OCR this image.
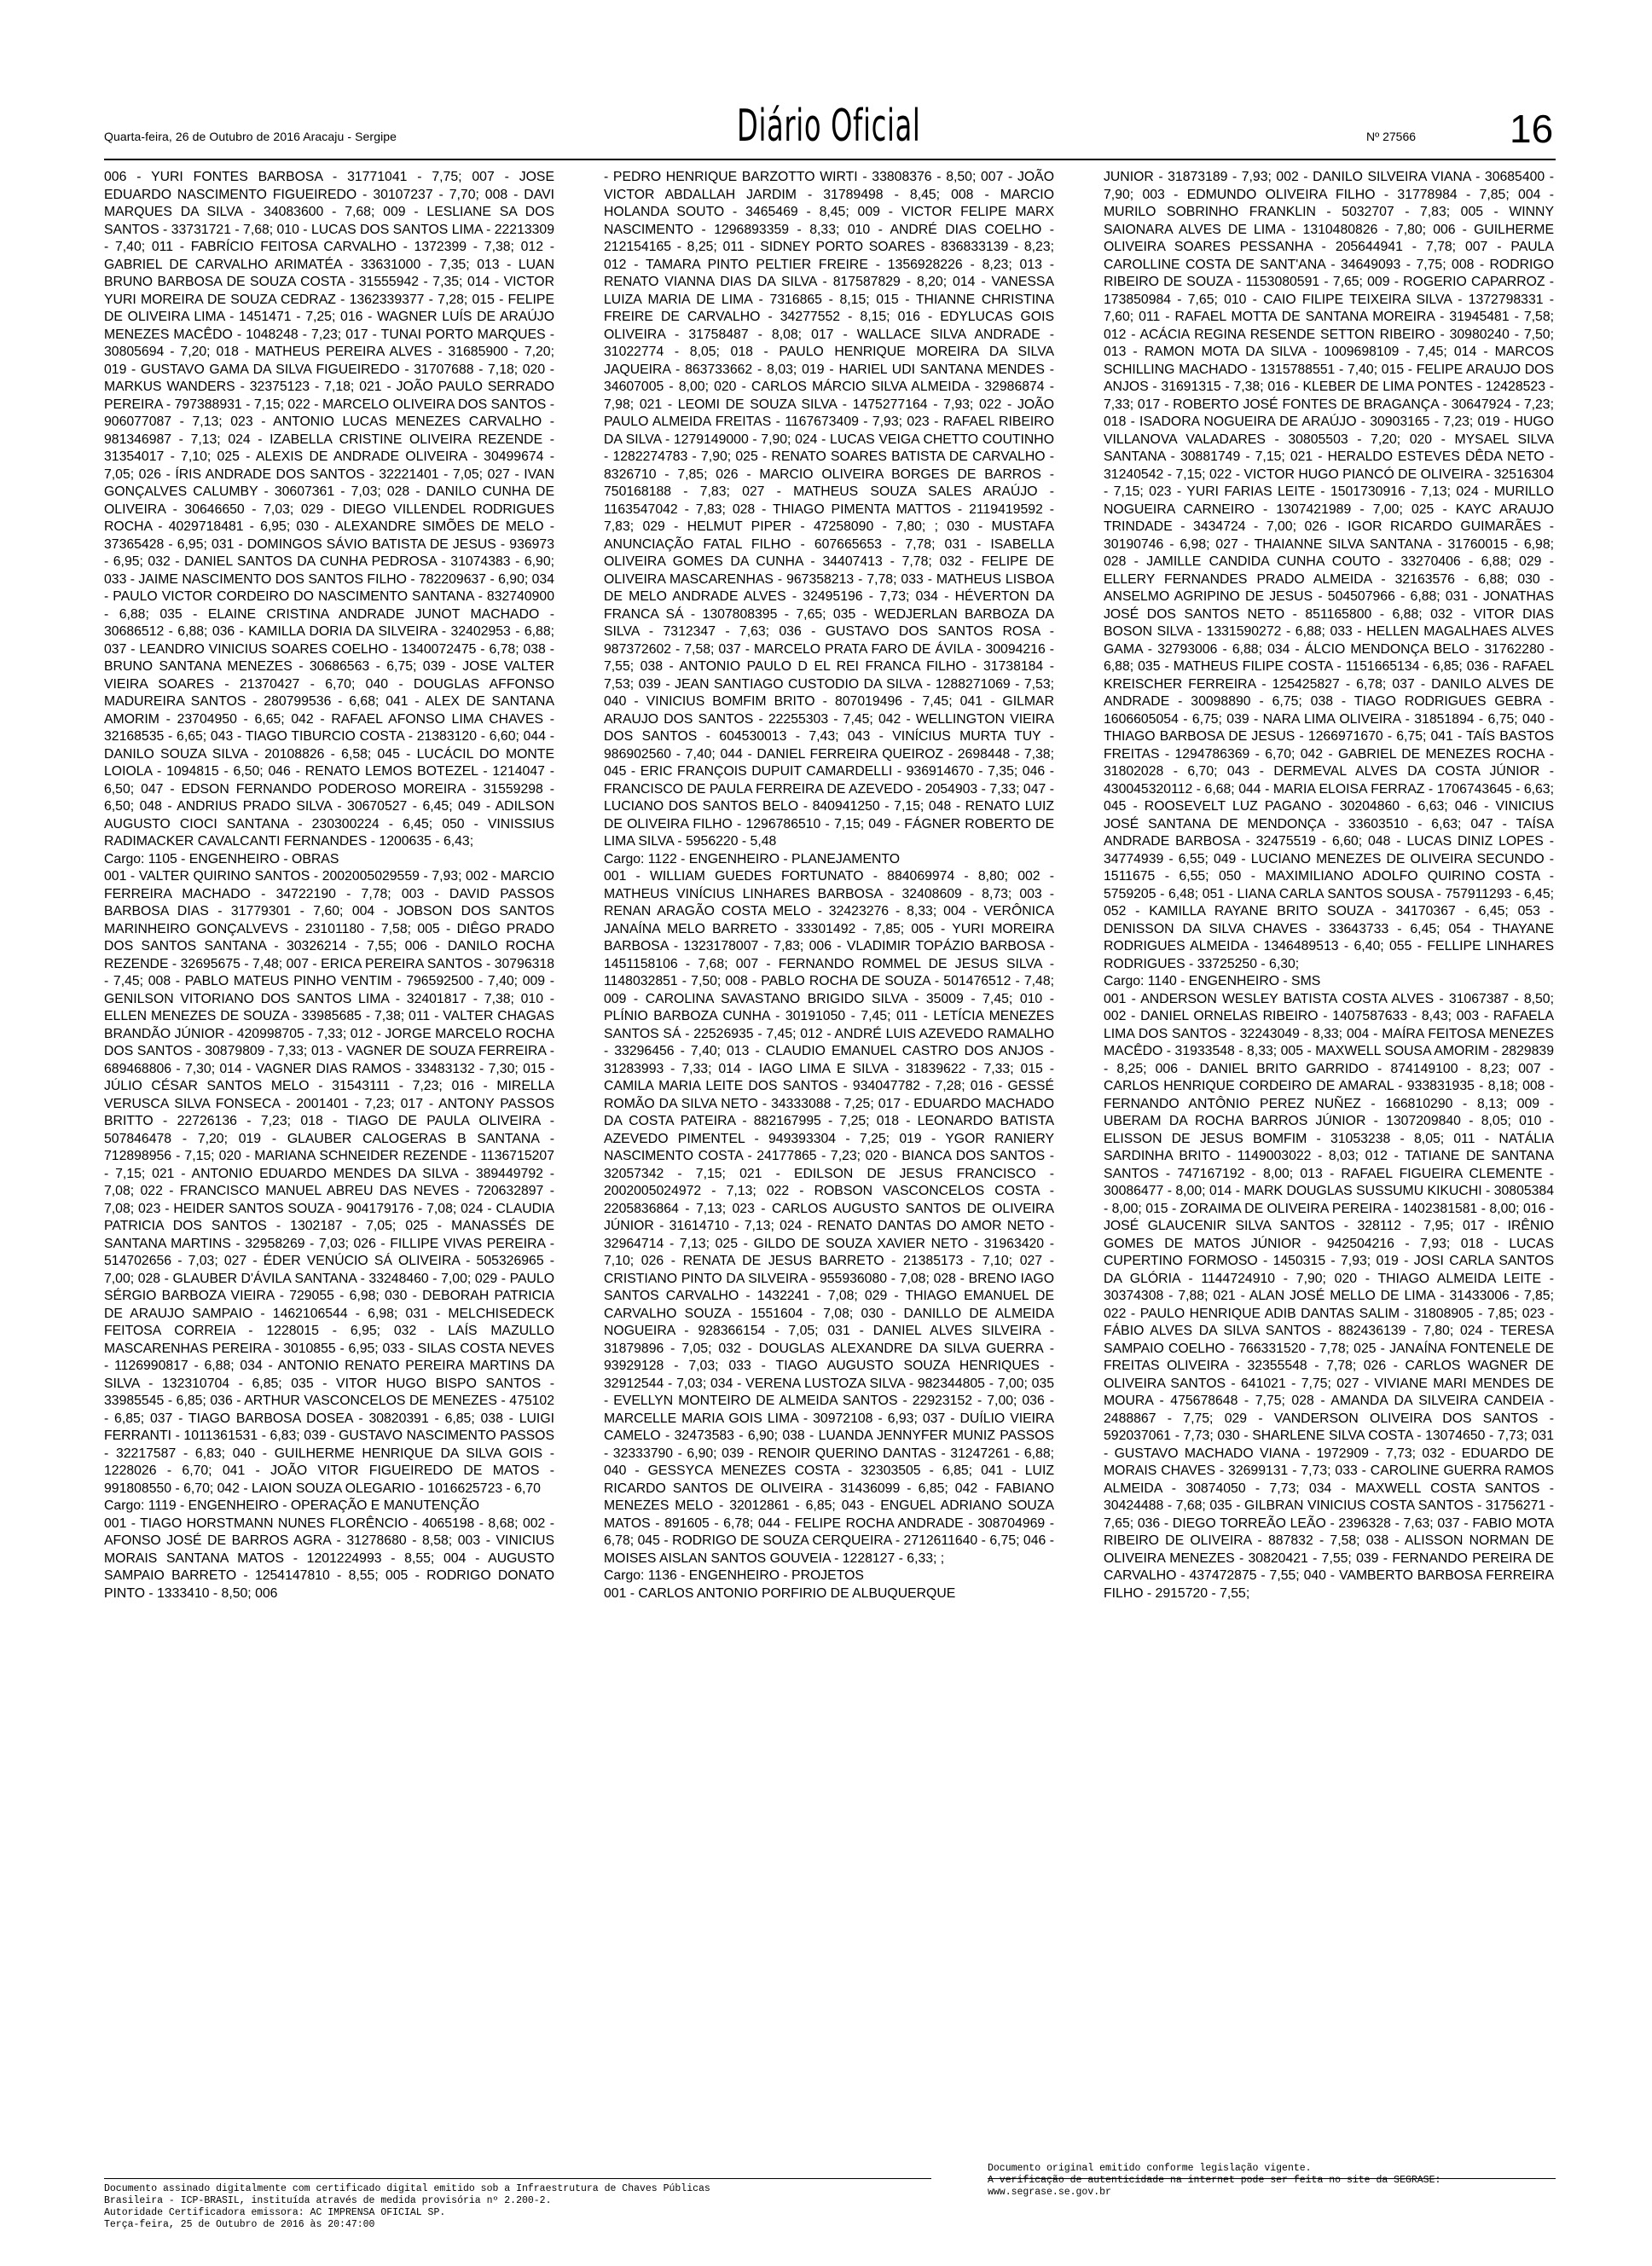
Quarta-feira, 26 de Outubro de 2016 Aracaju - Sergipe	Diário Oficial	Nº 27566 16

006 - YURI FONTES BARBOSA - 31771041 - 7,75; 007 - JOSE EDUARDO NASCIMENTO FIGUEIREDO - 30107237 - 7,70; 008 - DAVI MARQUES DA SILVA - 34083600 - 7,68; 009 - LESLIANE SA DOS SANTOS - 33731721 - 7,68; 010 - LUCAS DOS SANTOS LIMA - 22213309 - 7,40; 011 - FABRÍCIO FEITOSA CARVALHO - 1372399 - 7,38; 012 - GABRIEL DE CARVALHO ARIMATÉA - 33631000 - 7,35; 013 - LUAN BRUNO BARBOSA DE SOUZA COSTA - 31555942 - 7,35; 014 - VICTOR YURI MOREIRA DE SOUZA CEDRAZ - 1362339377 - 7,28; 015 - FELIPE DE OLIVEIRA LIMA - 1451471 - 7,25; 016 - WAGNER LUÍS DE ARAÚJO MENEZES MACÊDO - 1048248 - 7,23; 017 - TUNAI PORTO MARQUES - 30805694 - 7,20; 018 - MATHEUS PEREIRA ALVES - 31685900 - 7,20; 019 - GUSTAVO GAMA DA SILVA FIGUEIREDO - 31707688 - 7,18; 020 - MARKUS WANDERS - 32375123 - 7,18; 021 - JOÃO PAULO SERRADO PEREIRA - 797388931 - 7,15; 022 - MARCELO OLIVEIRA DOS SANTOS - 906077087 - 7,13; 023 - ANTONIO LUCAS MENEZES CARVALHO - 981346987 - 7,13; 024 - IZABELLA CRISTINE OLIVEIRA REZENDE - 31354017 - 7,10; 025 - ALEXIS DE ANDRADE OLIVEIRA - 30499674 - 7,05; 026 - ÍRIS ANDRADE DOS SANTOS - 32221401 - 7,05; 027 - IVAN GONÇALVES CALUMBY - 30607361 - 7,03; 028 - DANILO CUNHA DE OLIVEIRA - 30646650 - 7,03; 029 - DIEGO VILLENDEL RODRIGUES ROCHA - 4029718481 - 6,95; 030 - ALEXANDRE SIMÕES DE MELO - 37365428 - 6,95; 031 - DOMINGOS SÁVIO BATISTA DE JESUS - 936973 - 6,95; 032 - DANIEL SANTOS DA CUNHA PEDROSA - 31074383 - 6,90; 033 - JAIME NASCIMENTO DOS SANTOS FILHO - 782209637 - 6,90; 034 - PAULO VICTOR CORDEIRO DO NASCIMENTO SANTANA - 832740900 - 6,88; 035 - ELAINE CRISTINA ANDRADE JUNOT MACHADO - 30686512 - 6,88; 036 - KAMILLA DORIA DA SILVEIRA - 32402953 - 6,88; 037 - LEANDRO VINICIUS SOARES COELHO - 1340072475 - 6,78; 038 - BRUNO SANTANA MENEZES - 30686563 - 6,75; 039 - JOSE VALTER VIEIRA SOARES - 21370427 - 6,70; 040 - DOUGLAS AFFONSO MADUREIRA SANTOS - 280799536 - 6,68; 041 - ALEX DE SANTANA AMORIM - 23704950 - 6,65; 042 - RAFAEL AFONSO LIMA CHAVES - 32168535 - 6,65; 043 - TIAGO TIBURCIO COSTA - 21383120 - 6,60; 044 - DANILO SOUZA SILVA - 20108826 - 6,58; 045 - LUCÁCIL DO MONTE LOIOLA - 1094815 - 6,50; 046 - RENATO LEMOS BOTEZEL - 1214047 - 6,50; 047 - EDSON FERNANDO PODEROSO MOREIRA - 31559298 - 6,50; 048 - ANDRIUS PRADO SILVA - 30670527 - 6,45; 049 - ADILSON AUGUSTO CIOCI SANTANA - 230300224 - 6,45; 050 - VINISSIUS RADIMACKER CAVALCANTI FERNANDES - 1200635 - 6,43;

Cargo: 1105 - ENGENHEIRO - OBRAS

001 - VALTER QUIRINO SANTOS - 2002005029559 - 7,93; 002 - MARCIO FERREIRA MACHADO - 34722190 - 7,78; 003 - DAVID PASSOS BARBOSA DIAS - 31779301 - 7,60; 004 - JOBSON DOS SANTOS MARINHEIRO GONÇALVEVS - 23101180 - 7,58; 005 - DIÊGO PRADO DOS SANTOS SANTANA - 30326214 - 7,55; 006 - DANILO ROCHA REZENDE - 32695675 - 7,48; 007 - ERICA PEREIRA SANTOS - 30796318 - 7,45; 008 - PABLO MATEUS PINHO VENTIM - 796592500 - 7,40; 009 - GENILSON VITORIANO DOS SANTOS LIMA - 32401817 - 7,38; 010 - ELLEN MENEZES DE SOUZA - 33985685 - 7,38; 011 - VALTER CHAGAS BRANDÃO JÚNIOR - 420998705 - 7,33; 012 - JORGE MARCELO ROCHA DOS SANTOS - 30879809 - 7,33; 013 - VAGNER DE SOUZA FERREIRA - 689468806 - 7,30; 014 - VAGNER DIAS RAMOS - 33483132 - 7,30; 015 - JÚLIO CÉSAR SANTOS MELO - 31543111 - 7,23; 016 - MIRELLA VERUSCA SILVA FONSECA - 2001401 - 7,23; 017 - ANTONY PASSOS BRITTO - 22726136 - 7,23; 018 - TIAGO DE PAULA OLIVEIRA - 507846478 - 7,20; 019 - GLAUBER CALOGERAS B SANTANA - 712898956 - 7,15; 020 - MARIANA SCHNEIDER REZENDE - 1136715207 - 7,15; 021 - ANTONIO EDUARDO MENDES DA SILVA - 389449792 - 7,08; 022 - FRANCISCO MANUEL ABREU DAS NEVES - 720632897 - 7,08; 023 - HEIDER SANTOS SOUZA - 904179176 - 7,08; 024 - CLAUDIA PATRICIA DOS SANTOS - 1302187 - 7,05; 025 - MANASSÉS DE SANTANA MARTINS - 32958269 - 7,03; 026 - FILLIPE VIVAS PEREIRA - 514702656 - 7,03; 027 - ÉDER VENÚCIO SÁ OLIVEIRA - 505326965 - 7,00; 028 - GLAUBER D'ÁVILA SANTANA - 33248460 - 7,00; 029 - PAULO SÉRGIO BARBOZA VIEIRA - 729055 - 6,98; 030 - DEBORAH PATRICIA DE ARAUJO SAMPAIO - 1462106544 - 6,98; 031 - MELCHISEDECK FEITOSA CORREIA - 1228015 - 6,95; 032 - LAÍS MAZULLO MASCARENHAS PEREIRA - 3010855 - 6,95; 033 - SILAS COSTA NEVES - 1126990817 - 6,88; 034 - ANTONIO RENATO PEREIRA MARTINS DA SILVA - 132310704 - 6,85; 035 - VITOR HUGO BISPO SANTOS - 33985545 - 6,85; 036 - ARTHUR VASCONCELOS DE MENEZES - 475102 - 6,85; 037 - TIAGO BARBOSA DOSEA - 30820391 - 6,85; 038 - LUIGI FERRANTI - 1011361531 - 6,83; 039 - GUSTAVO NASCIMENTO PASSOS - 32217587 - 6,83; 040 - GUILHERME HENRIQUE DA SILVA GOIS - 1228026 - 6,70; 041 - JOÃO VITOR FIGUEIREDO DE MATOS - 991808550 - 6,70; 042 - LAION SOUZA OLEGARIO - 1016625723 - 6,70

Cargo: 1119 - ENGENHEIRO - OPERAÇÃO E MANUTENÇÃO

001 - TIAGO HORSTMANN NUNES FLORÊNCIO - 4065198 - 8,68; 002 - AFONSO JOSÉ DE BARROS AGRA - 31278680 - 8,58; 003 - VINICIUS MORAIS SANTANA MATOS - 1201224993 - 8,55; 004 - AUGUSTO SAMPAIO BARRETO - 1254147810 - 8,55; 005 - RODRIGO DONATO PINTO - 1333410 - 8,50; 006

- PEDRO HENRIQUE BARZOTTO WIRTI - 33808376 - 8,50; 007 - JOÃO VICTOR ABDALLAH JARDIM - 31789498 - 8,45; 008 - MARCIO HOLANDA SOUTO - 3465469 - 8,45; 009 - VICTOR FELIPE MARX NASCIMENTO - 1296893359 - 8,33; 010 - ANDRÉ DIAS COELHO - 212154165 - 8,25; 011 - SIDNEY PORTO SOARES - 836833139 - 8,23; 012 - TAMARA PINTO PELTIER FREIRE - 1356928226 - 8,23; 013 - RENATO VIANNA DIAS DA SILVA - 817587829 - 8,20; 014 - VANESSA LUIZA MARIA DE LIMA - 7316865 - 8,15; 015 - THIANNE CHRISTINA FREIRE DE CARVALHO - 34277552 - 8,15; 016 - EDYLUCAS GOIS OLIVEIRA - 31758487 - 8,08; 017 - WALLACE SILVA ANDRADE - 31022774 - 8,05; 018 - PAULO HENRIQUE MOREIRA DA SILVA JAQUEIRA - 863733662 - 8,03; 019 - HARIEL UDI SANTANA MENDES - 34607005 - 8,00; 020 - CARLOS MÁRCIO SILVA ALMEIDA - 32986874 - 7,98; 021 - LEOMI DE SOUZA SILVA - 1475277164 - 7,93; 022 - JOÃO PAULO ALMEIDA FREITAS - 1167673409 - 7,93; 023 - RAFAEL RIBEIRO DA SILVA - 1279149000 - 7,90; 024 - LUCAS VEIGA CHETTO COUTINHO - 1282274783 - 7,90; 025 - RENATO SOARES BATISTA DE CARVALHO - 8326710 - 7,85; 026 - MARCIO OLIVEIRA BORGES DE BARROS - 750168188 - 7,83; 027 - MATHEUS SOUZA SALES ARAÚJO - 1163547042 - 7,83; 028 - THIAGO PIMENTA MATTOS - 2119419592 - 7,83; 029 - HELMUT PIPER - 47258090 - 7,80; ; 030 - MUSTAFA ANUNCIAÇÃO FATAL FILHO - 607665653 - 7,78; 031 - ISABELLA OLIVEIRA GOMES DA CUNHA - 34407413 - 7,78; 032 - FELIPE DE OLIVEIRA MASCARENHAS - 967358213 - 7,78; 033 - MATHEUS LISBOA DE MELO ANDRADE ALVES - 32495196 - 7,73; 034 - HÉVERTON DA FRANCA SÁ - 1307808395 - 7,65; 035 - WEDJERLAN BARBOZA DA SILVA - 7312347 - 7,63; 036 - GUSTAVO DOS SANTOS ROSA - 987372602 - 7,58; 037 - MARCELO PRATA FARO DE ÁVILA - 30094216 - 7,55; 038 - ANTONIO PAULO D EL REI FRANCA FILHO - 31738184 - 7,53; 039 - JEAN SANTIAGO CUSTODIO DA SILVA - 1288271069 - 7,53; 040 - VINICIUS BOMFIM BRITO - 807019496 - 7,45; 041 - GILMAR ARAUJO DOS SANTOS - 22255303 - 7,45; 042 - WELLINGTON VIEIRA DOS SANTOS - 604530013 - 7,43; 043 - VINÍCIUS MURTA TUY - 986902560 - 7,40; 044 - DANIEL FERREIRA QUEIROZ - 2698448 - 7,38; 045 - ERIC FRANÇOIS DUPUIT CAMARDELLI - 936914670 - 7,35; 046 - FRANCISCO DE PAULA FERREIRA DE AZEVEDO - 2054903 - 7,33; 047 - LUCIANO DOS SANTOS BELO - 840941250 - 7,15; 048 - RENATO LUIZ DE OLIVEIRA FILHO - 1296786510 - 7,15; 049 - FÁGNER ROBERTO DE LIMA SILVA - 5956220 - 5,48

Cargo: 1122 - ENGENHEIRO - PLANEJAMENTO

001 - WILLIAM GUEDES FORTUNATO - 884069974 - 8,80; 002 - MATHEUS VINÍCIUS LINHARES BARBOSA - 32408609 - 8,73; 003 - RENAN ARAGÃO COSTA MELO - 32423276 - 8,33; 004 - VERÔNICA JANAÍNA MELO BARRETO - 33301492 - 7,85; 005 - YURI MOREIRA BARBOSA - 1323178007 - 7,83; 006 - VLADIMIR TOPÁZIO BARBOSA - 1451158106 - 7,68; 007 - FERNANDO ROMMEL DE JESUS SILVA - 1148032851 - 7,50; 008 - PABLO ROCHA DE SOUZA - 501476512 - 7,48; 009 - CAROLINA SAVASTANO BRIGIDO SILVA - 35009 - 7,45; 010 - PLÍNIO BARBOZA CUNHA - 30191050 - 7,45; 011 - LETÍCIA MENEZES SANTOS SÁ - 22526935 - 7,45; 012 - ANDRÉ LUIS AZEVEDO RAMALHO - 33296456 - 7,40; 013 - CLAUDIO EMANUEL CASTRO DOS ANJOS - 31283993 - 7,33; 014 - IAGO LIMA E SILVA - 31839622 - 7,33; 015 - CAMILA MARIA LEITE DOS SANTOS - 934047782 - 7,28; 016 - GESSÉ ROMÃO DA SILVA NETO - 34333088 - 7,25; 017 - EDUARDO MACHADO DA COSTA PATEIRA - 882167995 - 7,25; 018 - LEONARDO BATISTA AZEVEDO PIMENTEL - 949393304 - 7,25; 019 - YGOR RANIERY NASCIMENTO COSTA - 24177865 - 7,23; 020 - BIANCA DOS SANTOS - 32057342 - 7,15; 021 - EDILSON DE JESUS FRANCISCO - 2002005024972 - 7,13; 022 - ROBSON VASCONCELOS COSTA - 2205836864 - 7,13; 023 - CARLOS AUGUSTO SANTOS DE OLIVEIRA JÚNIOR - 31614710 - 7,13; 024 - RENATO DANTAS DO AMOR NETO - 32964714 - 7,13; 025 - GILDO DE SOUZA XAVIER NETO - 31963420 - 7,10; 026 - RENATA DE JESUS BARRETO - 21385173 - 7,10; 027 - CRISTIANO PINTO DA SILVEIRA - 955936080 - 7,08; 028 - BRENO IAGO SANTOS CARVALHO - 1432241 - 7,08; 029 - THIAGO EMANUEL DE CARVALHO SOUZA - 1551604 - 7,08; 030 - DANILLO DE ALMEIDA NOGUEIRA - 928366154 - 7,05; 031 - DANIEL ALVES SILVEIRA - 31879896 - 7,05; 032 - DOUGLAS ALEXANDRE DA SILVA GUERRA - 93929128 - 7,03; 033 - TIAGO AUGUSTO SOUZA HENRIQUES - 32912544 - 7,03; 034 - VERENA LUSTOZA SILVA - 982344805 - 7,00; 035 - EVELLYN MONTEIRO DE ALMEIDA SANTOS - 22923152 - 7,00; 036 - MARCELLE MARIA GOIS LIMA - 30972108 - 6,93; 037 - DUÍLIO VIEIRA CAMELO - 32473583 - 6,90; 038 - LUANDA JENNYFER MUNIZ PASSOS - 32333790 - 6,90; 039 - RENOIR QUERINO DANTAS - 31247261 - 6,88; 040 - GESSYCA MENEZES COSTA - 32303505 - 6,85; 041 - LUIZ RICARDO SANTOS DE OLIVEIRA - 31436099 - 6,85; 042 - FABIANO MENEZES MELO - 32012861 - 6,85; 043 - ENGUEL ADRIANO SOUZA MATOS - 891605 - 6,78; 044 - FELIPE ROCHA ANDRADE - 308704969 - 6,78; 045 - RODRIGO DE SOUZA CERQUEIRA - 2712611640 - 6,75; 046 - MOISES AISLAN SANTOS GOUVEIA - 1228127 - 6,33; ;

Cargo: 1136 - ENGENHEIRO - PROJETOS

001 - CARLOS ANTONIO PORFIRIO DE ALBUQUERQUE

JUNIOR - 31873189 - 7,93; 002 - DANILO SILVEIRA VIANA - 30685400 - 7,90; 003 - EDMUNDO OLIVEIRA FILHO - 31778984 - 7,85; 004 - MURILO SOBRINHO FRANKLIN - 5032707 - 7,83; 005 - WINNY SAIONARA ALVES DE LIMA - 1310480826 - 7,80; 006 - GUILHERME OLIVEIRA SOARES PESSANHA - 205644941 - 7,78; 007 - PAULA CAROLLINE COSTA DE SANT'ANA - 34649093 - 7,75; 008 - RODRIGO RIBEIRO DE SOUZA - 1153080591 - 7,65; 009 - ROGERIO CAPARROZ - 173850984 - 7,65; 010 - CAIO FILIPE TEIXEIRA SILVA - 1372798331 - 7,60; 011 - RAFAEL MOTTA DE SANTANA MOREIRA - 31945481 - 7,58; 012 - ACÁCIA REGINA RESENDE SETTON RIBEIRO - 30980240 - 7,50; 013 - RAMON MOTA DA SILVA - 1009698109 - 7,45; 014 - MARCOS SCHILLING MACHADO - 1315788551 - 7,40; 015 - FELIPE ARAUJO DOS ANJOS - 31691315 - 7,38; 016 - KLEBER DE LIMA PONTES - 12428523 - 7,33; 017 - ROBERTO JOSÉ FONTES DE BRAGANÇA - 30647924 - 7,23; 018 - ISADORA NOGUEIRA DE ARAÚJO - 30903165 - 7,23; 019 - HUGO VILLANOVA VALADARES - 30805503 - 7,20; 020 - MYSAEL SILVA SANTANA - 30881749 - 7,15; 021 - HERALDO ESTEVES DÊDA NETO - 31240542 - 7,15; 022 - VICTOR HUGO PIANCÓ DE OLIVEIRA - 32516304 - 7,15; 023 - YURI FARIAS LEITE - 1501730916 - 7,13; 024 - MURILLO NOGUEIRA CARNEIRO - 1307421989 - 7,00; 025 - KAYC ARAUJO TRINDADE - 3434724 - 7,00; 026 - IGOR RICARDO GUIMARÃES - 30190746 - 6,98; 027 - THAIANNE SILVA SANTANA - 31760015 - 6,98; 028 - JAMILLE CANDIDA CUNHA COUTO - 33270406 - 6,88; 029 - ELLERY FERNANDES PRADO ALMEIDA - 32163576 - 6,88; 030 - ANSELMO AGRIPINO DE JESUS - 504507966 - 6,88; 031 - JONATHAS JOSÉ DOS SANTOS NETO - 851165800 - 6,88; 032 - VITOR DIAS BOSON SILVA - 1331590272 - 6,88; 033 - HELLEN MAGALHAES ALVES GAMA - 32793006 - 6,88; 034 - ÁLCIO MENDONÇA BELO - 31762280 - 6,88; 035 - MATHEUS FILIPE COSTA - 1151665134 - 6,85; 036 - RAFAEL KREISCHER FERREIRA - 125425827 - 6,78; 037 - DANILO ALVES DE ANDRADE - 30098890 - 6,75; 038 - TIAGO RODRIGUES GEBRA - 1606605054 - 6,75; 039 - NARA LIMA OLIVEIRA - 31851894 - 6,75; 040 - THIAGO BARBOSA DE JESUS - 1266971670 - 6,75; 041 - TAÍS BASTOS FREITAS - 1294786369 - 6,70; 042 - GABRIEL DE MENEZES ROCHA - 31802028 - 6,70; 043 - DERMEVAL ALVES DA COSTA JÚNIOR - 430045320112 - 6,68; 044 - MARIA ELOISA FERRAZ - 1706743645 - 6,63; 045 - ROOSEVELT LUZ PAGANO - 30204860 - 6,63; 046 - VINICIUS JOSÉ SANTANA DE MENDONÇA - 33603510 - 6,63; 047 - TAÍSA ANDRADE BARBOSA - 32475519 - 6,60; 048 - LUCAS DINIZ LOPES - 34774939 - 6,55; 049 - LUCIANO MENEZES DE OLIVEIRA SECUNDO - 1511675 - 6,55; 050 - MAXIMILIANO ADOLFO QUIRINO COSTA - 5759205 - 6,48; 051 - LIANA CARLA SANTOS SOUSA - 757911293 - 6,45; 052 - KAMILLA RAYANE BRITO SOUZA - 34170367 - 6,45; 053 - DENISSON DA SILVA CHAVES - 33643733 - 6,45; 054 - THAYANE RODRIGUES ALMEIDA - 1346489513 - 6,40; 055 - FELLIPE LINHARES RODRIGUES - 33725250 - 6,30;

Cargo: 1140 - ENGENHEIRO - SMS

001 - ANDERSON WESLEY BATISTA COSTA ALVES - 31067387 - 8,50; 002 - DANIEL ORNELAS RIBEIRO - 1407587633 - 8,43; 003 - RAFAELA LIMA DOS SANTOS - 32243049 - 8,33; 004 - MAÍRA FEITOSA MENEZES MACÊDO - 31933548 - 8,33; 005 - MAXWELL SOUSA AMORIM - 2829839 - 8,25; 006 - DANIEL BRITO GARRIDO - 874149100 - 8,23; 007 - CARLOS HENRIQUE CORDEIRO DE AMARAL - 933831935 - 8,18; 008 - FERNANDO ANTÔNIO PEREZ NUÑEZ - 166810290 - 8,13; 009 - UBERAM DA ROCHA BARROS JÚNIOR - 1307209840 - 8,05; 010 - ELISSON DE JESUS BOMFIM - 31053238 - 8,05; 011 - NATÁLIA SARDINHA BRITO - 1149003022 - 8,03; 012 - TATIANE DE SANTANA SANTOS - 747167192 - 8,00; 013 - RAFAEL FIGUEIRA CLEMENTE - 30086477 - 8,00; 014 - MARK DOUGLAS SUSSUMU KIKUCHI - 30805384 - 8,00; 015 - ZORAIMA DE OLIVEIRA PEREIRA - 1402381581 - 8,00; 016 - JOSÉ GLAUCENIR SILVA SANTOS - 328112 - 7,95; 017 - IRÊNIO GOMES DE MATOS JÚNIOR - 942504216 - 7,93; 018 - LUCAS CUPERTINO FORMOSO - 1450315 - 7,93; 019 - JOSI CARLA SANTOS DA GLÓRIA - 1144724910 - 7,90; 020 - THIAGO ALMEIDA LEITE - 30374308 - 7,88; 021 - ALAN JOSÉ MELLO DE LIMA - 31433006 - 7,85; 022 - PAULO HENRIQUE ADIB DANTAS SALIM - 31808905 - 7,85; 023 - FÁBIO ALVES DA SILVA SANTOS - 882436139 - 7,80; 024 - TERESA SAMPAIO COELHO - 766331520 - 7,78; 025 - JANAÍNA FONTENELE DE FREITAS OLIVEIRA - 32355548 - 7,78; 026 - CARLOS WAGNER DE OLIVEIRA SANTOS - 641021 - 7,75; 027 - VIVIANE MARI MENDES DE MOURA - 475678648 - 7,75; 028 - AMANDA DA SILVEIRA CANDEIA - 2488867 - 7,75; 029 - VANDERSON OLIVEIRA DOS SANTOS - 592037061 - 7,73; 030 - SHARLENE SILVA COSTA - 13074650 - 7,73; 031 - GUSTAVO MACHADO VIANA - 1972909 - 7,73; 032 - EDUARDO DE MORAIS CHAVES - 32699131 - 7,73; 033 - CAROLINE GUERRA RAMOS ALMEIDA - 30874050 - 7,73; 034 - MAXWELL COSTA SANTOS - 30424488 - 7,68; 035 - GILBRAN VINICIUS COSTA SANTOS - 31756271 - 7,65; 036 - DIEGO TORREÃO LEÃO - 2396328 - 7,63; 037 - FABIO MOTA RIBEIRO DE OLIVEIRA - 887832 - 7,58; 038 - ALISSON NORMAN DE OLIVEIRA MENEZES - 30820421 - 7,55; 039 - FERNANDO PEREIRA DE CARVALHO - 437472875 - 7,55; 040 - VAMBERTO BARBOSA FERREIRA FILHO - 2915720 - 7,55;

Documento assinado digitalmente com certificado digital emitido sob a Infraestrutura de Chaves Públicas
Brasileira - ICP-BRASIL, instituída através de medida provisória nº 2.200-2.
Autoridade Certificadora emissora: AC IMPRENSA OFICIAL SP.
Terça-feira, 25 de Outubro de 2016 às 20:47:00
Documento original emitido conforme legislação vigente.
A verificação de autenticidade na internet pode ser feita no site da SEGRASE:
www.segrase.se.gov.br
